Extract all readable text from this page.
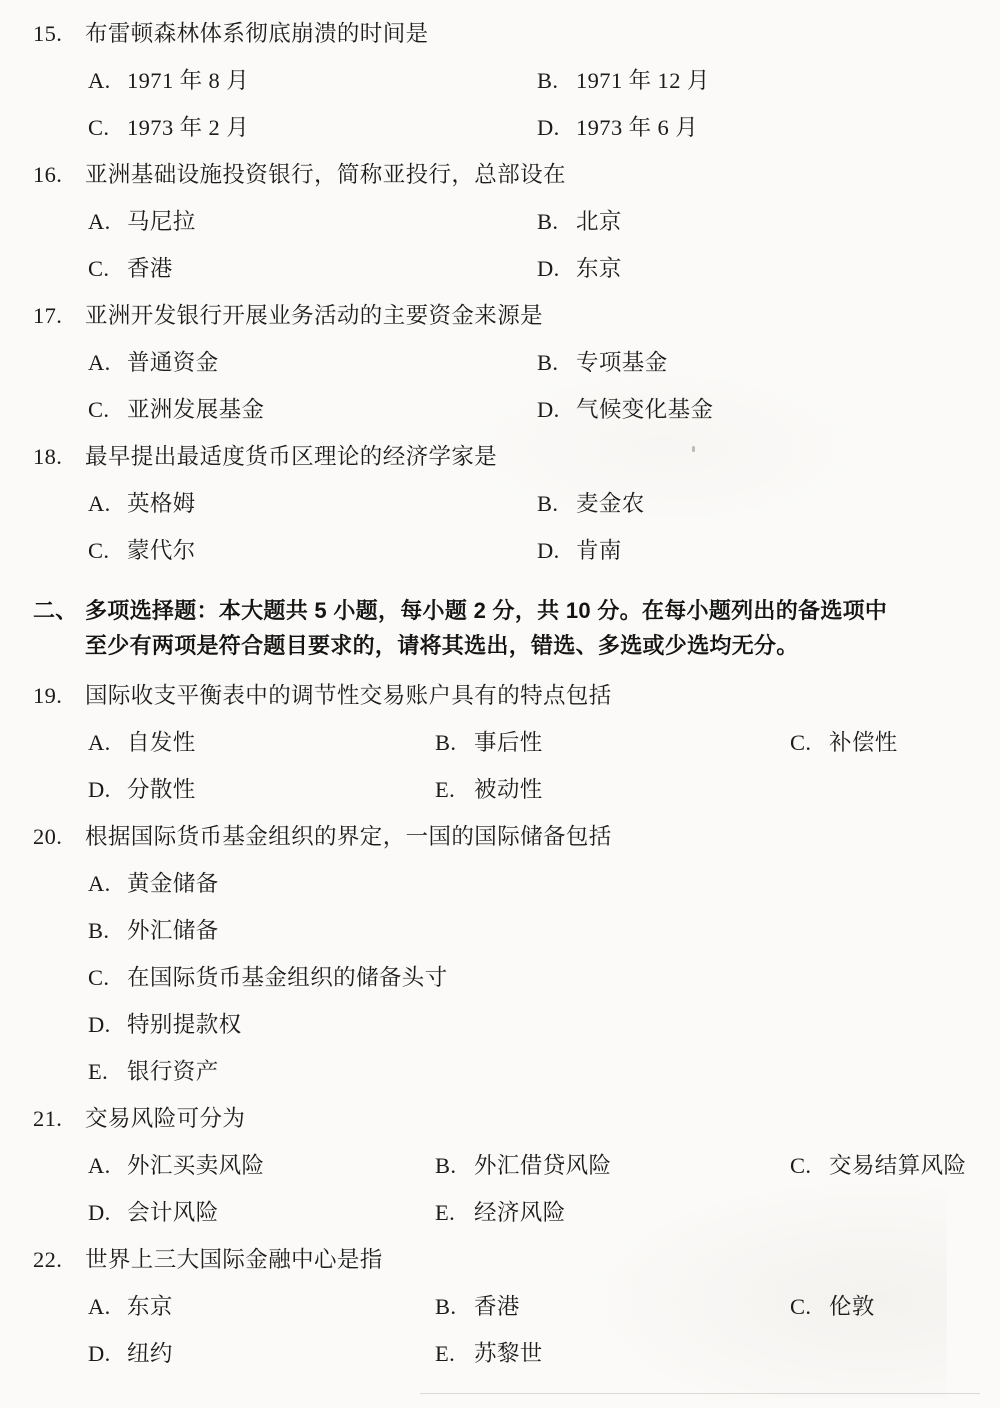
15.	布雷顿森林体系彻底崩溃的时间是
A. 1971 年 8 月	B. 1971 年 12 月
C. 1973 年 2 月	D. 1973 年 6 月
16.	亚洲基础设施投资银行，简称亚投行，总部设在
A. 马尼拉	B. 北京
C. 香港	D. 东京
17.	亚洲开发银行开展业务活动的主要资金来源是
A. 普通资金	B. 专项基金
C. 亚洲发展基金	D. 气候变化基金
18.	最早提出最适度货币区理论的经济学家是
A. 英格姆	B. 麦金农
C. 蒙代尔	D. 肯南
二、 多项选择题：本大题共 5 小题，每小题 2 分，共 10 分。在每小题列出的备选项中
至少有两项是符合题目要求的，请将其选出，错选、多选或少选均无分。
19.	国际收支平衡表中的调节性交易账户具有的特点包括
A. 自发性	B. 事后性	C. 补偿性
D. 分散性	E. 被动性
20.	根据国际货币基金组织的界定，一国的国际储备包括
A. 黄金储备
B. 外汇储备
C. 在国际货币基金组织的储备头寸
D. 特别提款权
E. 银行资产
21.	交易风险可分为
A. 外汇买卖风险	B. 外汇借贷风险	C. 交易结算风险
D. 会计风险	E. 经济风险
22.	世界上三大国际金融中心是指
A. 东京	B. 香港	C. 伦敦
D. 纽约	E. 苏黎世
